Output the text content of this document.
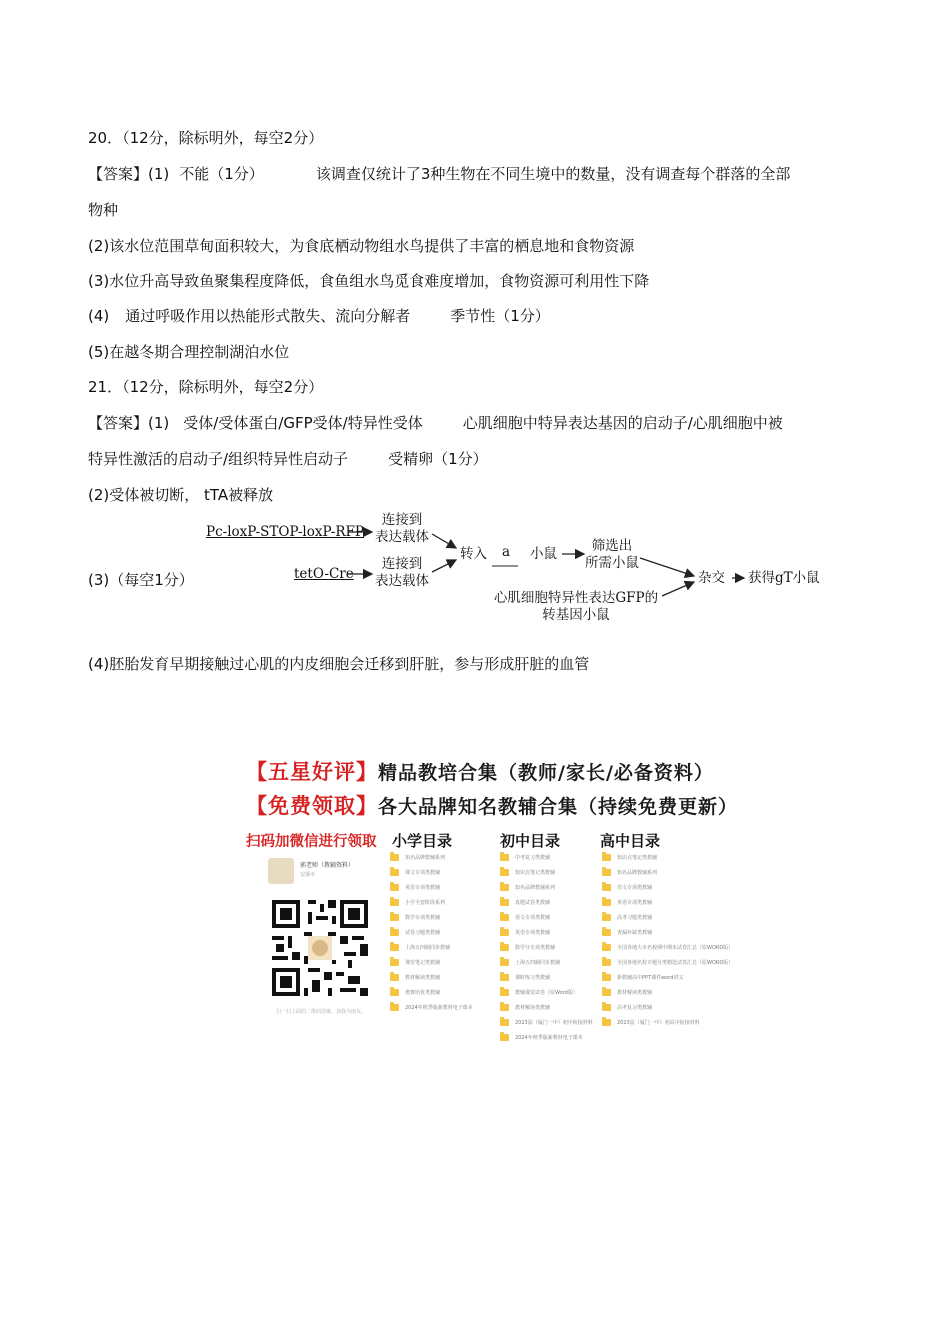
20．（12分，除标明外，每空2分）
【答案】(1) 不能（1分）	该调查仅统计了3种生物在不同生境中的数量，没有调查每个群落的全部
物种
(2)该水位范围草甸面积较大，为食底栖动物组水鸟提供了丰富的栖息地和食物资源
(3)水位升高导致鱼聚集程度降低，食鱼组水鸟觅食难度增加，食物资源可利用性下降
(4) 通过呼吸作用以热能形式散失、流向分解者	季节性（1分）
(5)在越冬期合理控制湖泊水位
21．（12分，除标明外，每空2分）
【答案】(1) 受体/受体蛋白/GFP受体/特异性受体	心肌细胞中特异表达基因的启动子/心肌细胞中被
特异性激活的启动子/组织特异性启动子	受精卵（1分）
(2)受体被切断， tTA被释放
(3)（每空1分）
Pc-loxP-STOP-loxP-RFP
连接到
表达载体
tetO-Cre
连接到
表达载体
转入	a	小鼠	筛选出
所需小鼠
心肌细胞特异性表达GFP的
转基因小鼠
杂交 获得gT小鼠
(4)胚胎发育早期接触过心肌的内皮细胞会迁移到肝脏，参与形成肝脏的血管
【五星好评】精品教培合集（教师/家长/必备资料）
【免费领取】各大品牌知名教辅合集（持续免费更新）
扫码加微信进行领取 小学目录	初中目录	高中目录
郭老师（教辅资料）
安溪市
扫一扫上面的二维码图案，加我为朋友。
知名品牌教辅系列
课文专项类教辅
英语专项类教辅
小学全套阶段系列
数学专项类教辅
试卷习题类教辅
上海五四制同步教辅
课堂笔记类教辅
教材解读类教辅
奥赛培优类教辅
2024年秋季版新教材电子课本
中考复习类教辅
知识点笔记类教辅
知名品牌教辅系列
真题试卷类教辅
语文专项类教辅
英语专项类教辅
数学分专项类教辅
上海五四制同步教辅
课时练习类教辅
教辅课堂试卷（原Word版）
教材解读类教辅
2023届（厦门一中）初中衔接材料
2024年秋季版新教材电子课本
知识点笔记类教辅
知名品牌教辅系列
语文专项类教辅
英语专项类教辅
高考习题类教辅
查漏补缺类教辅
全国各地大市名校期中期末试卷汇总（原WORD版）
全国各地名校专题分类精选试卷汇总（原WORD版）
新教辅高中PPT课件word讲义
教材解读类教辅
高考复习类教辅
2023届（厦门一中）初高中衔接材料
